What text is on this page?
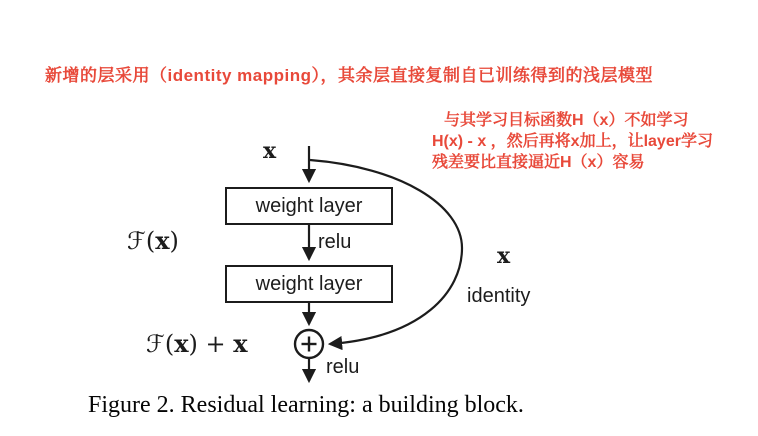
新增的层采用（identity mapping），其余层直接复制自已训练得到的浅层模型
与其学习目标函数H（x）不如学习
H(x) - x ，然后再将x加上，让layer学习
残差要比直接逼近H（x）容易
weight layer
weight layer
x
ℱ(x)	relu
ℱ(x) + x
relu
x
identity
Figure 2. Residual learning: a building block.
